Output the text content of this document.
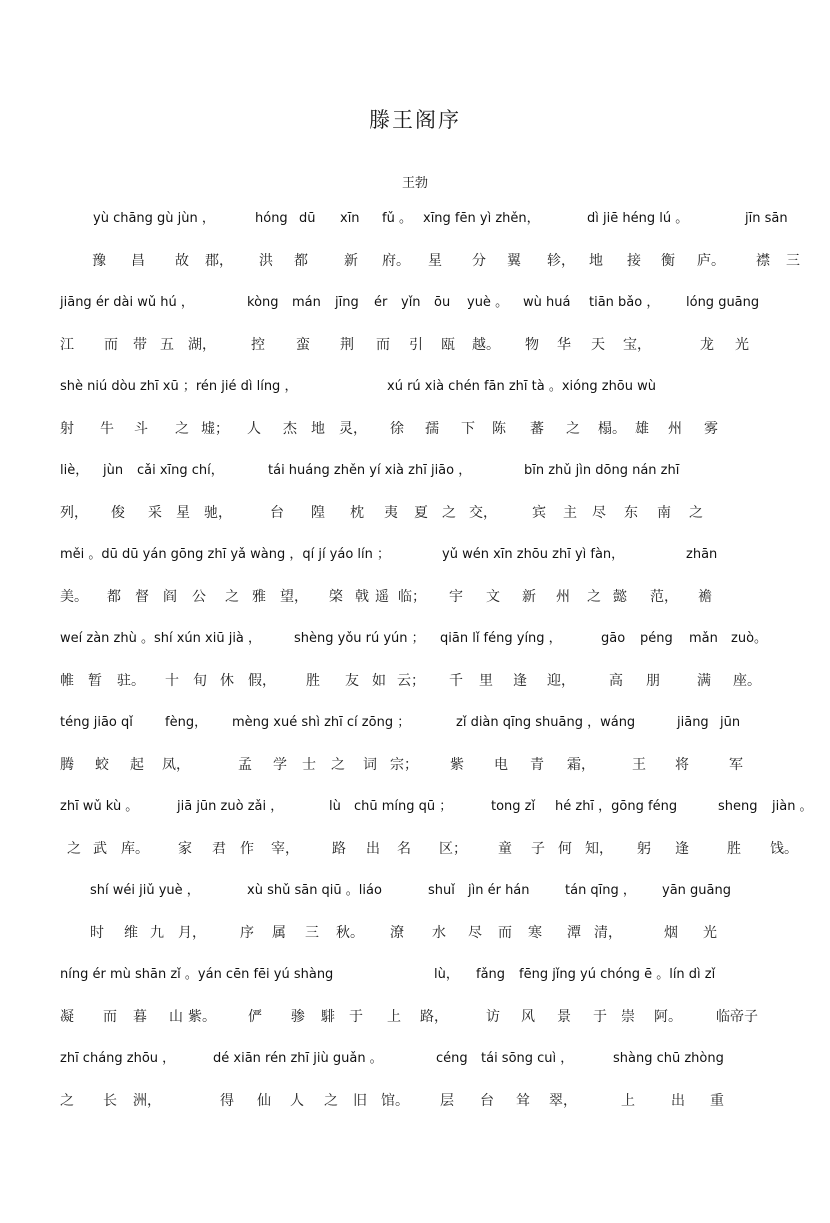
滕王阁序
王勃
yù chāng gù jùn ，	hóng dū xīn fǔ 。 xīng fēn yì zhěn，	dì jiē héng lú 。	jīn sān
豫 昌 故 郡， 洪 都	新 府。 星 分 翼 轸， 地 接 衡 庐。 襟 三
jiāng ér dài wǔ hú ，	kòng mán jīng ér yǐn ōu yuè 。 wù huá tiān bǎo ， lóng guāng
江 而 带 五 湖，	控 蛮 荆 而 引 瓯 越。 物 华 天 宝，	龙 光
shè niú dòu zhī xū ；rén jié dì líng ，	xú rú xià chén fān zhī tà 。xióng zhōu wù
射 牛 斗 之 墟； 人 杰 地 灵， 徐 孺 下 陈 蕃 之 榻。 雄 州 雾
liè， jùn cǎi xīng chí，	tái huáng zhěn yí xià zhī jiāo ，	bīn zhǔ jìn dōng nán zhī
列， 俊 采 星 驰，	台 隍 枕 夷 夏 之 交，	宾 主 尽 东 南 之
měi 。dū dū yán gōng zhī yǎ wàng ，qí jí yáo lín ；	yǔ wén xīn zhōu zhī yì fàn，	zhān
美。 都 督 阎 公 之 雅 望， 棨 戟 遥 临； 宇 文 新 州 之 懿 范， 襜
weí zàn zhù 。shí xún xiū jià ，	shèng yǒu rú yún ； qiān lǐ féng yíng ，	gāo péng mǎn zuò。
帷 暂 驻。 十 旬 休 假， 胜 友 如 云； 千 里 逢 迎， 高 朋	满 座。
téng jiāo qǐ fèng， mèng xué shì zhī cí zōng ；	zǐ diàn qīng shuāng ，wáng	jiāng jūn
腾 蛟 起 凤，	孟 学 士 之 词 宗； 紫 电 青 霜，	王 将	军
zhī wǔ kù 。	jiā jūn zuò zǎi ，	lù chū míng qū ；	tong zǐ hé zhī ，gōng féng	sheng jiàn 。
之 武 库。 家 君 作 宰， 路 出 名 区； 童 子 何 知， 躬 逢	胜 饯。
shí wéi jiǔ yuè ，	xù shǔ sān qiū 。liáo	shuǐ jìn ér hán	tán qīng ， yān guāng
时 维 九 月， 序 属 三 秋。 潦 水 尽 而 寒 潭 清，	烟 光
níng ér mù shān zǐ 。yán cēn fēi yú shàng	lù， fǎng fēng jǐng yú chóng ē 。lín dì zǐ
凝 而 暮 山 紫。 俨 骖 騑 于 上 路，	访 风 景 于 崇 阿。 临帝子
zhī cháng zhōu ，	dé xiān rén zhī jiù guǎn 。	céng tái sōng cuì ，	shàng chū zhòng
之 长 洲，	得 仙 人 之 旧 馆。 层 台 耸 翠，	上	出 重
